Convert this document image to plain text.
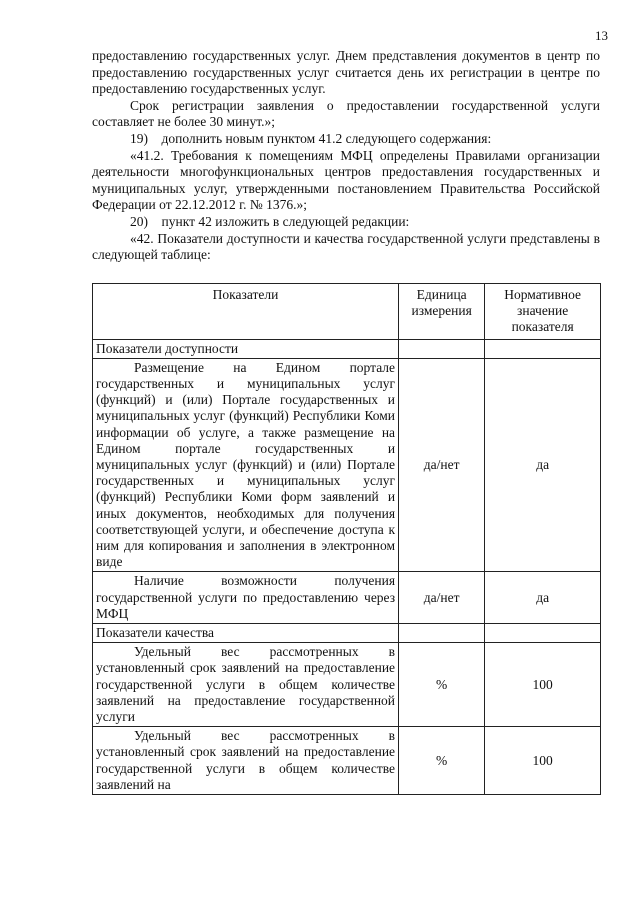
13

предоставлению государственных услуг. Днем представления документов в центр по предоставлению государственных услуг считается день их регистрации в центре по предоставлению государственных услуг.

Срок регистрации заявления о предоставлении государственной услуги составляет не более 30 минут.»;

19)    дополнить новым пунктом 41.2 следующего содержания:

«41.2. Требования к помещениям МФЦ определены Правилами организации деятельности многофункциональных центров предоставления государственных и муниципальных услуг, утвержденными постановлением Правительства Российской Федерации от 22.12.2012 г. № 1376.»;

20)    пункт 42 изложить в следующей редакции:

«42. Показатели доступности и качества государственной услуги представлены в следующей таблице:

Показатели	Единица измерения	Нормативное значение показателя
Показатели доступности		
Размещение на Едином портале государственных и муниципальных услуг (функций) и (или) Портале государственных и муниципальных услуг (функций) Республики Коми информации об услуге, а также размещение на Едином портале государственных и муниципальных услуг (функций) и (или) Портале государственных и муниципальных услуг (функций) Республики Коми форм заявлений и иных документов, необходимых для получения соответствующей услуги, и обеспечение доступа к ним для копирования и заполнения в электронном виде	да/нет	да
Наличие возможности получения государственной услуги по предоставлению через МФЦ	да/нет	да
Показатели качества		
Удельный вес рассмотренных в установленный срок заявлений на предоставление государственной услуги в общем количестве заявлений на предоставление государственной услуги	%	100
Удельный вес рассмотренных в установленный срок заявлений на предоставление государственной услуги в общем количестве заявлений на	%	100
